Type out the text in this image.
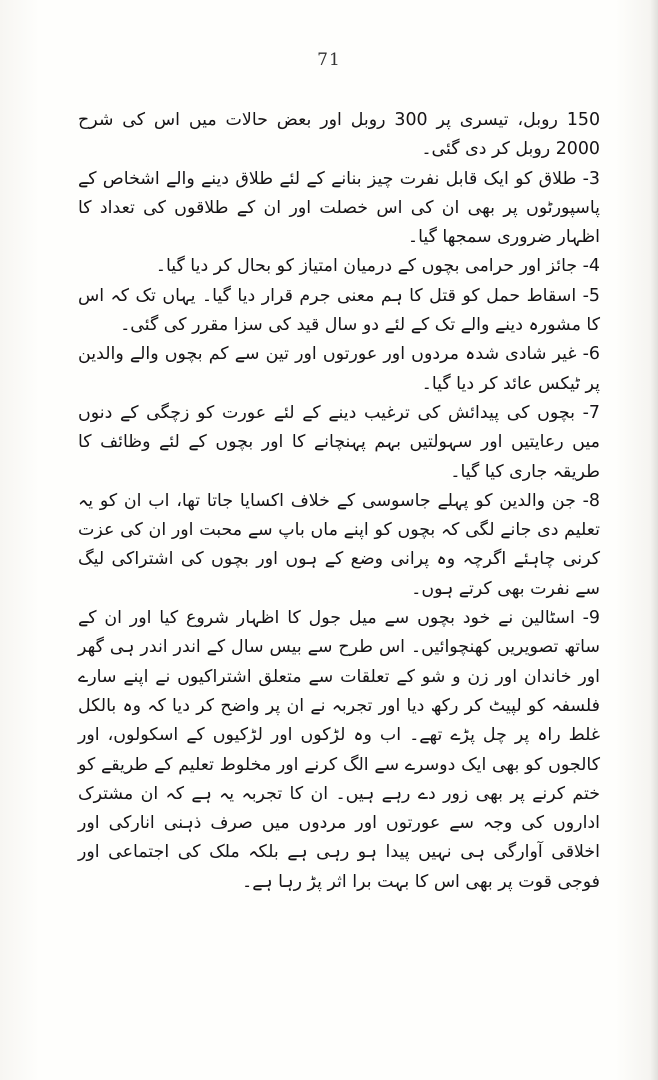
71

150 روبل، تیسری پر 300 روبل اور بعض حالات میں اس کی شرح 2000 روبل کر دی گئی۔

3- طلاق کو ایک قابل نفرت چیز بنانے کے لئے طلاق دینے والے اشخاص کے پاسپورٹوں پر بھی ان کی اس خصلت اور ان کے طلاقوں کی تعداد کا اظہار ضروری سمجھا گیا۔

4- جائز اور حرامی بچوں کے درمیان امتیاز کو بحال کر دیا گیا۔

5- اسقاط حمل کو قتل کا ہم معنی جرم قرار دیا گیا۔ یہاں تک کہ اس کا مشورہ دینے والے تک کے لئے دو سال قید کی سزا مقرر کی گئی۔

6- غیر شادی شدہ مردوں اور عورتوں اور تین سے کم بچوں والے والدین پر ٹیکس عائد کر دیا گیا۔

7- بچوں کی پیدائش کی ترغیب دینے کے لئے عورت کو زچگی کے دنوں میں رعایتیں اور سہولتیں بہم پہنچانے کا اور بچوں کے لئے وظائف کا طریقہ جاری کیا گیا۔

8- جن والدین کو پہلے جاسوسی کے خلاف اکسایا جاتا تھا، اب ان کو یہ تعلیم دی جانے لگی کہ بچوں کو اپنے ماں باپ سے محبت اور ان کی عزت کرنی چاہئے اگرچہ وہ پرانی وضع کے ہوں اور بچوں کی اشتراکی لیگ سے نفرت بھی کرتے ہوں۔

9- اسٹالین نے خود بچوں سے میل جول کا اظہار شروع کیا اور ان کے ساتھ تصویریں کھنچوائیں۔ اس طرح سے بیس سال کے اندر اندر ہی گھر اور خاندان اور زن و شو کے تعلقات سے متعلق اشتراکیوں نے اپنے سارے فلسفہ کو لپیٹ کر رکھ دیا اور تجربہ نے ان پر واضح کر دیا کہ وہ بالکل غلط راہ پر چل پڑے تھے۔ اب وہ لڑکوں اور لڑکیوں کے اسکولوں، اور کالجوں کو بھی ایک دوسرے سے الگ کرنے اور مخلوط تعلیم کے طریقے کو ختم کرنے پر بھی زور دے رہے ہیں۔ ان کا تجربہ یہ ہے کہ ان مشترک اداروں کی وجہ سے عورتوں اور مردوں میں صرف ذہنی انارکی اور اخلاقی آوارگی ہی نہیں پیدا ہو رہی ہے بلکہ ملک کی اجتماعی اور فوجی قوت پر بھی اس کا بہت برا اثر پڑ رہا ہے۔
